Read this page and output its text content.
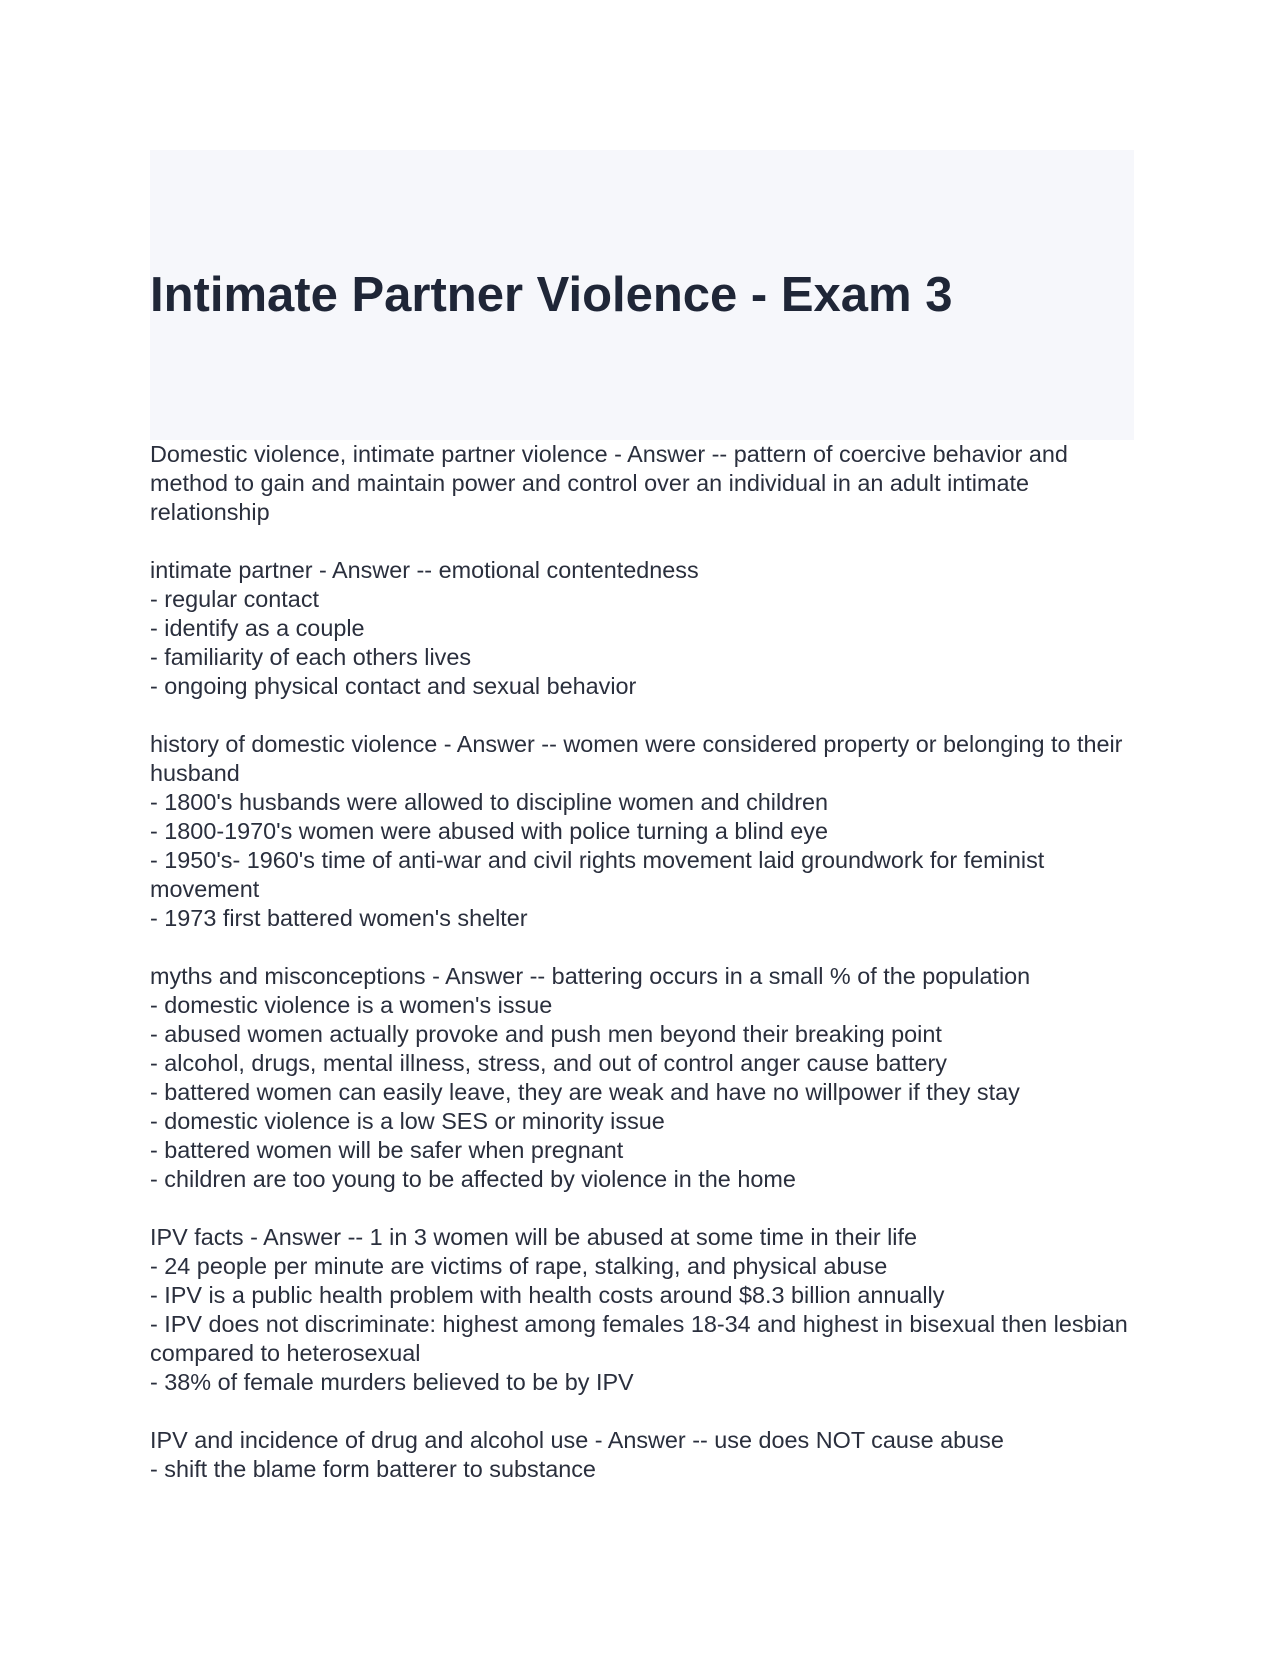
Intimate Partner Violence - Exam 3
Domestic violence, intimate partner violence - Answer -- pattern of coercive behavior and method to gain and maintain power and control over an individual in an adult intimate relationship
intimate partner - Answer -- emotional contentedness
- regular contact
- identify as a couple
- familiarity of each others lives
- ongoing physical contact and sexual behavior
history of domestic violence - Answer -- women were considered property or belonging to their husband
- 1800's husbands were allowed to discipline women and children
- 1800-1970's women were abused with police turning a blind eye
- 1950's- 1960's time of anti-war and civil rights movement laid groundwork for feminist movement
- 1973 first battered women's shelter
myths and misconceptions - Answer -- battering occurs in a small % of the population
- domestic violence is a women's issue
- abused women actually provoke and push men beyond their breaking point
- alcohol, drugs, mental illness, stress, and out of control anger cause battery
- battered women can easily leave, they are weak and have no willpower if they stay
- domestic violence is a low SES or minority issue
- battered women will be safer when pregnant
- children are too young to be affected by violence in the home
IPV facts - Answer -- 1 in 3 women will be abused at some time in their life
- 24 people per minute are victims of rape, stalking, and physical abuse
- IPV is a public health problem with health costs around $8.3 billion annually
- IPV does not discriminate: highest among females 18-34 and highest in bisexual then lesbian compared to heterosexual
- 38% of female murders believed to be by IPV
IPV and incidence of drug and alcohol use - Answer -- use does NOT cause abuse
- shift the blame form batterer to substance
